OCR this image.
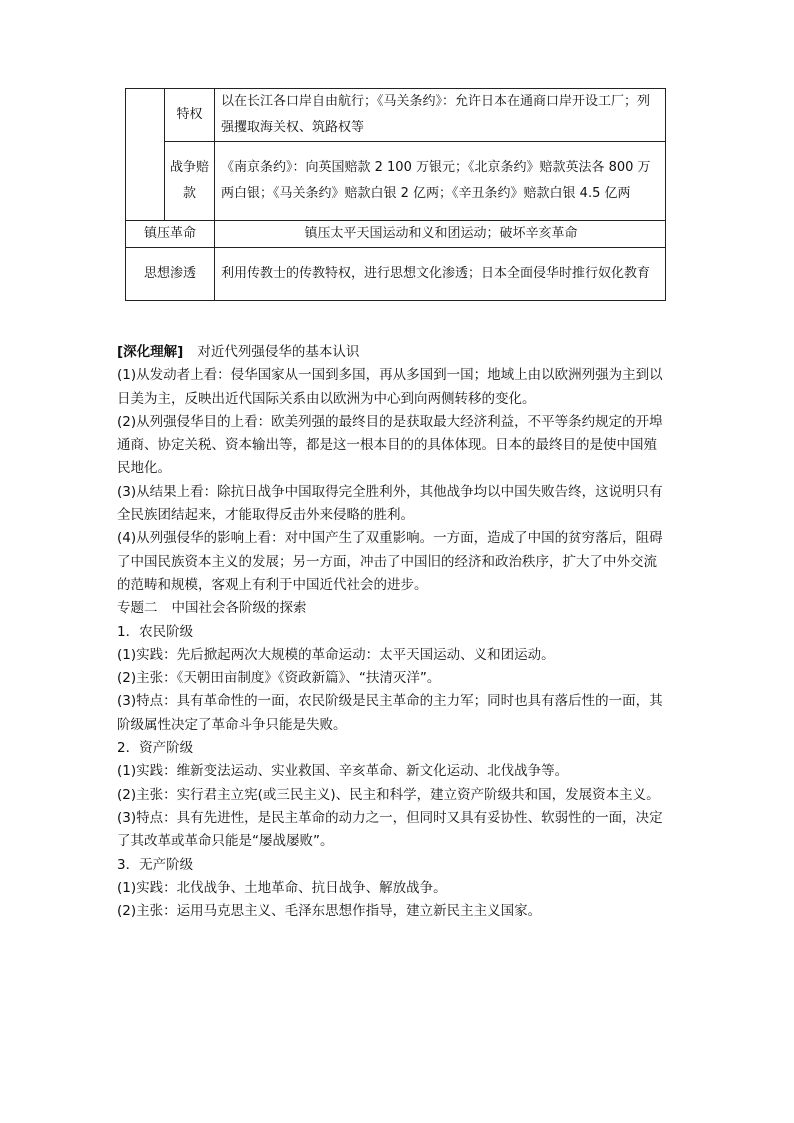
	特权	以在长江各口岸自由航行；《马关条约》：允许日本在通商口岸开设工厂；列强攫取海关权、筑路权等
	战争赔款	《南京条约》：向英国赔款 2 100 万银元；《北京条约》赔款英法各 800 万两白银；《马关条约》赔款白银 2 亿两；《辛丑条约》赔款白银 4.5 亿两
镇压革命		镇压太平天国运动和义和团运动；破坏辛亥革命
思想渗透		利用传教士的传教特权，进行思想文化渗透；日本全面侵华时推行奴化教育

[深化理解] 对近代列强侵华的基本认识

(1)从发动者上看：侵华国家从一国到多国，再从多国到一国；地域上由以欧洲列强为主到以日美为主，反映出近代国际关系由以欧洲为中心到向两侧转移的变化。

(2)从列强侵华目的上看：欧美列强的最终目的是获取最大经济利益，不平等条约规定的开埠通商、协定关税、资本输出等，都是这一根本目的的具体体现。日本的最终目的是使中国殖民地化。

(3)从结果上看：除抗日战争中国取得完全胜利外，其他战争均以中国失败告终，这说明只有全民族团结起来，才能取得反击外来侵略的胜利。

(4)从列强侵华的影响上看：对中国产生了双重影响。一方面，造成了中国的贫穷落后，阻碍了中国民族资本主义的发展；另一方面，冲击了中国旧的经济和政治秩序，扩大了中外交流的范畴和规模，客观上有利于中国近代社会的进步。

专题二 中国社会各阶级的探索

1．农民阶级

(1)实践：先后掀起两次大规模的革命运动：太平天国运动、义和团运动。

(2)主张：《天朝田亩制度》《资政新篇》、“扶清灭洋”。

(3)特点：具有革命性的一面，农民阶级是民主革命的主力军；同时也具有落后性的一面，其阶级属性决定了革命斗争只能是失败。

2．资产阶级

(1)实践：维新变法运动、实业救国、辛亥革命、新文化运动、北伐战争等。

(2)主张：实行君主立宪(或三民主义)、民主和科学，建立资产阶级共和国，发展资本主义。

(3)特点：具有先进性，是民主革命的动力之一，但同时又具有妥协性、软弱性的一面，决定了其改革或革命只能是“屡战屡败”。

3．无产阶级

(1)实践：北伐战争、土地革命、抗日战争、解放战争。

(2)主张：运用马克思主义、毛泽东思想作指导，建立新民主主义国家。
